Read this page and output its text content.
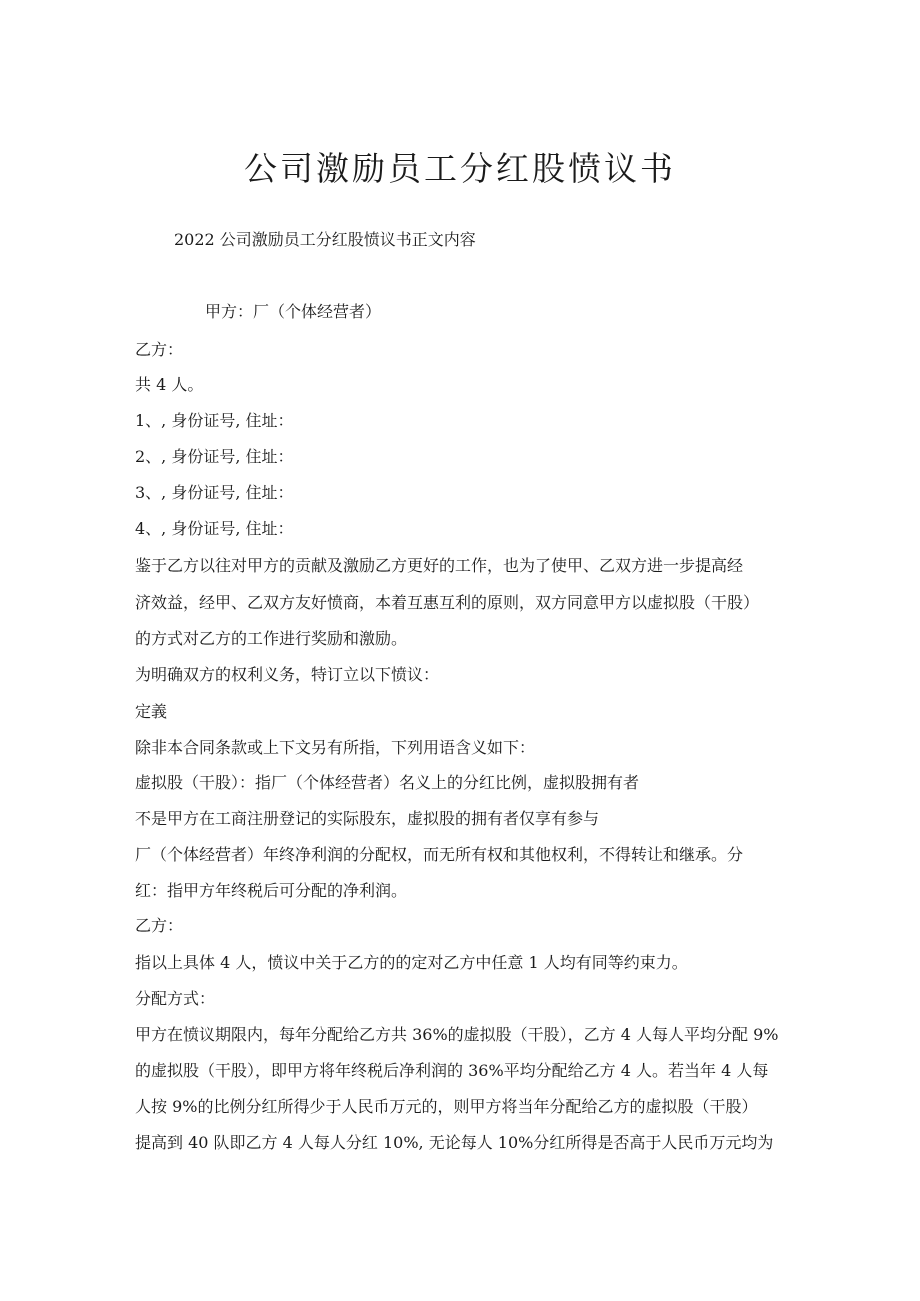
公司激励员工分红股愤议书
2022 公司激励员工分红股愤议书正文内容
甲方：厂（个体经营者）
乙方：
共 4 人。
1、, 身份证号, 住址：
2、, 身份证号, 住址：
3、, 身份证号, 住址：
4、, 身份证号, 住址：
鉴于乙方以往对甲方的贡献及激励乙方更好的工作，也为了使甲、乙双方进一步提高经
济效益，经甲、乙双方友好愤商，本着互惠互利的原则，双方同意甲方以虚拟股（干股）
的方式对乙方的工作进行奖励和激励。
为明确双方的权利义务，特订立以下愤议：
定義
除非本合同条款或上下文另有所指，下列用语含义如下：
虚拟股（干股）：指厂（个体经营者）名义上的分红比例，虚拟股拥有者
不是甲方在工商注册登记的实际股东，虚拟股的拥有者仅享有参与
厂（个体经营者）年终净利润的分配权，而无所有权和其他权利，不得转让和继承。分
红：指甲方年终税后可分配的净利润。
乙方：
指以上具体 4 人，愤议中关于乙方的的定对乙方中任意 1 人均有同等约束力。
分配方式：
甲方在愤议期限内，每年分配给乙方共 36%的虚拟股（干股），乙方 4 人每人平均分配 9%
的虚拟股（干股），即甲方将年终税后净利润的 36%平均分配给乙方 4 人。若当年 4 人每
人按 9%的比例分红所得少于人民币万元的，则甲方将当年分配给乙方的虚拟股（干股）
提高到 40 队即乙方 4 人每人分红 10%, 无论每人 10%分红所得是否高于人民币万元均为
